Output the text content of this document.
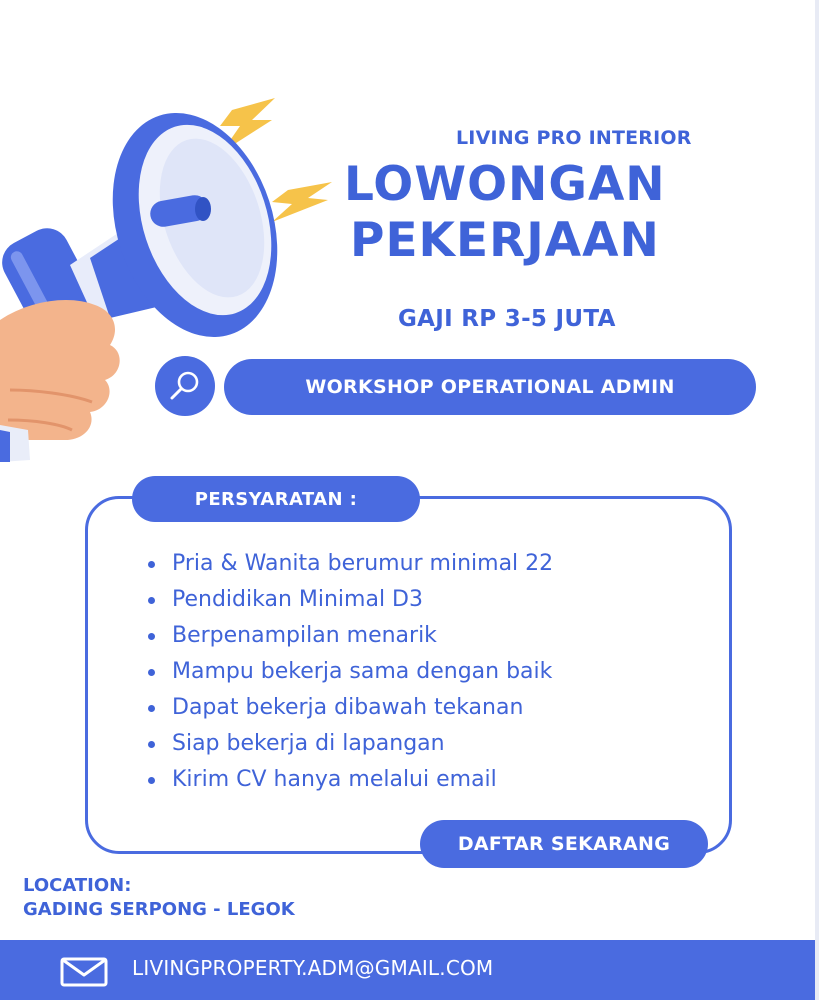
LIVING PRO INTERIOR
LOWONGAN
PEKERJAAN
GAJI RP 3-5 JUTA
WORKSHOP OPERATIONAL ADMIN
PERSYARATAN :
Pria & Wanita berumur minimal 22
Pendidikan Minimal D3
Berpenampilan menarik
Mampu bekerja sama dengan baik
Dapat bekerja dibawah tekanan
Siap bekerja di lapangan
Kirim CV hanya melalui email
DAFTAR SEKARANG
LOCATION:
GADING SERPONG - LEGOK
LIVINGPROPERTY.ADM@GMAIL.COM
